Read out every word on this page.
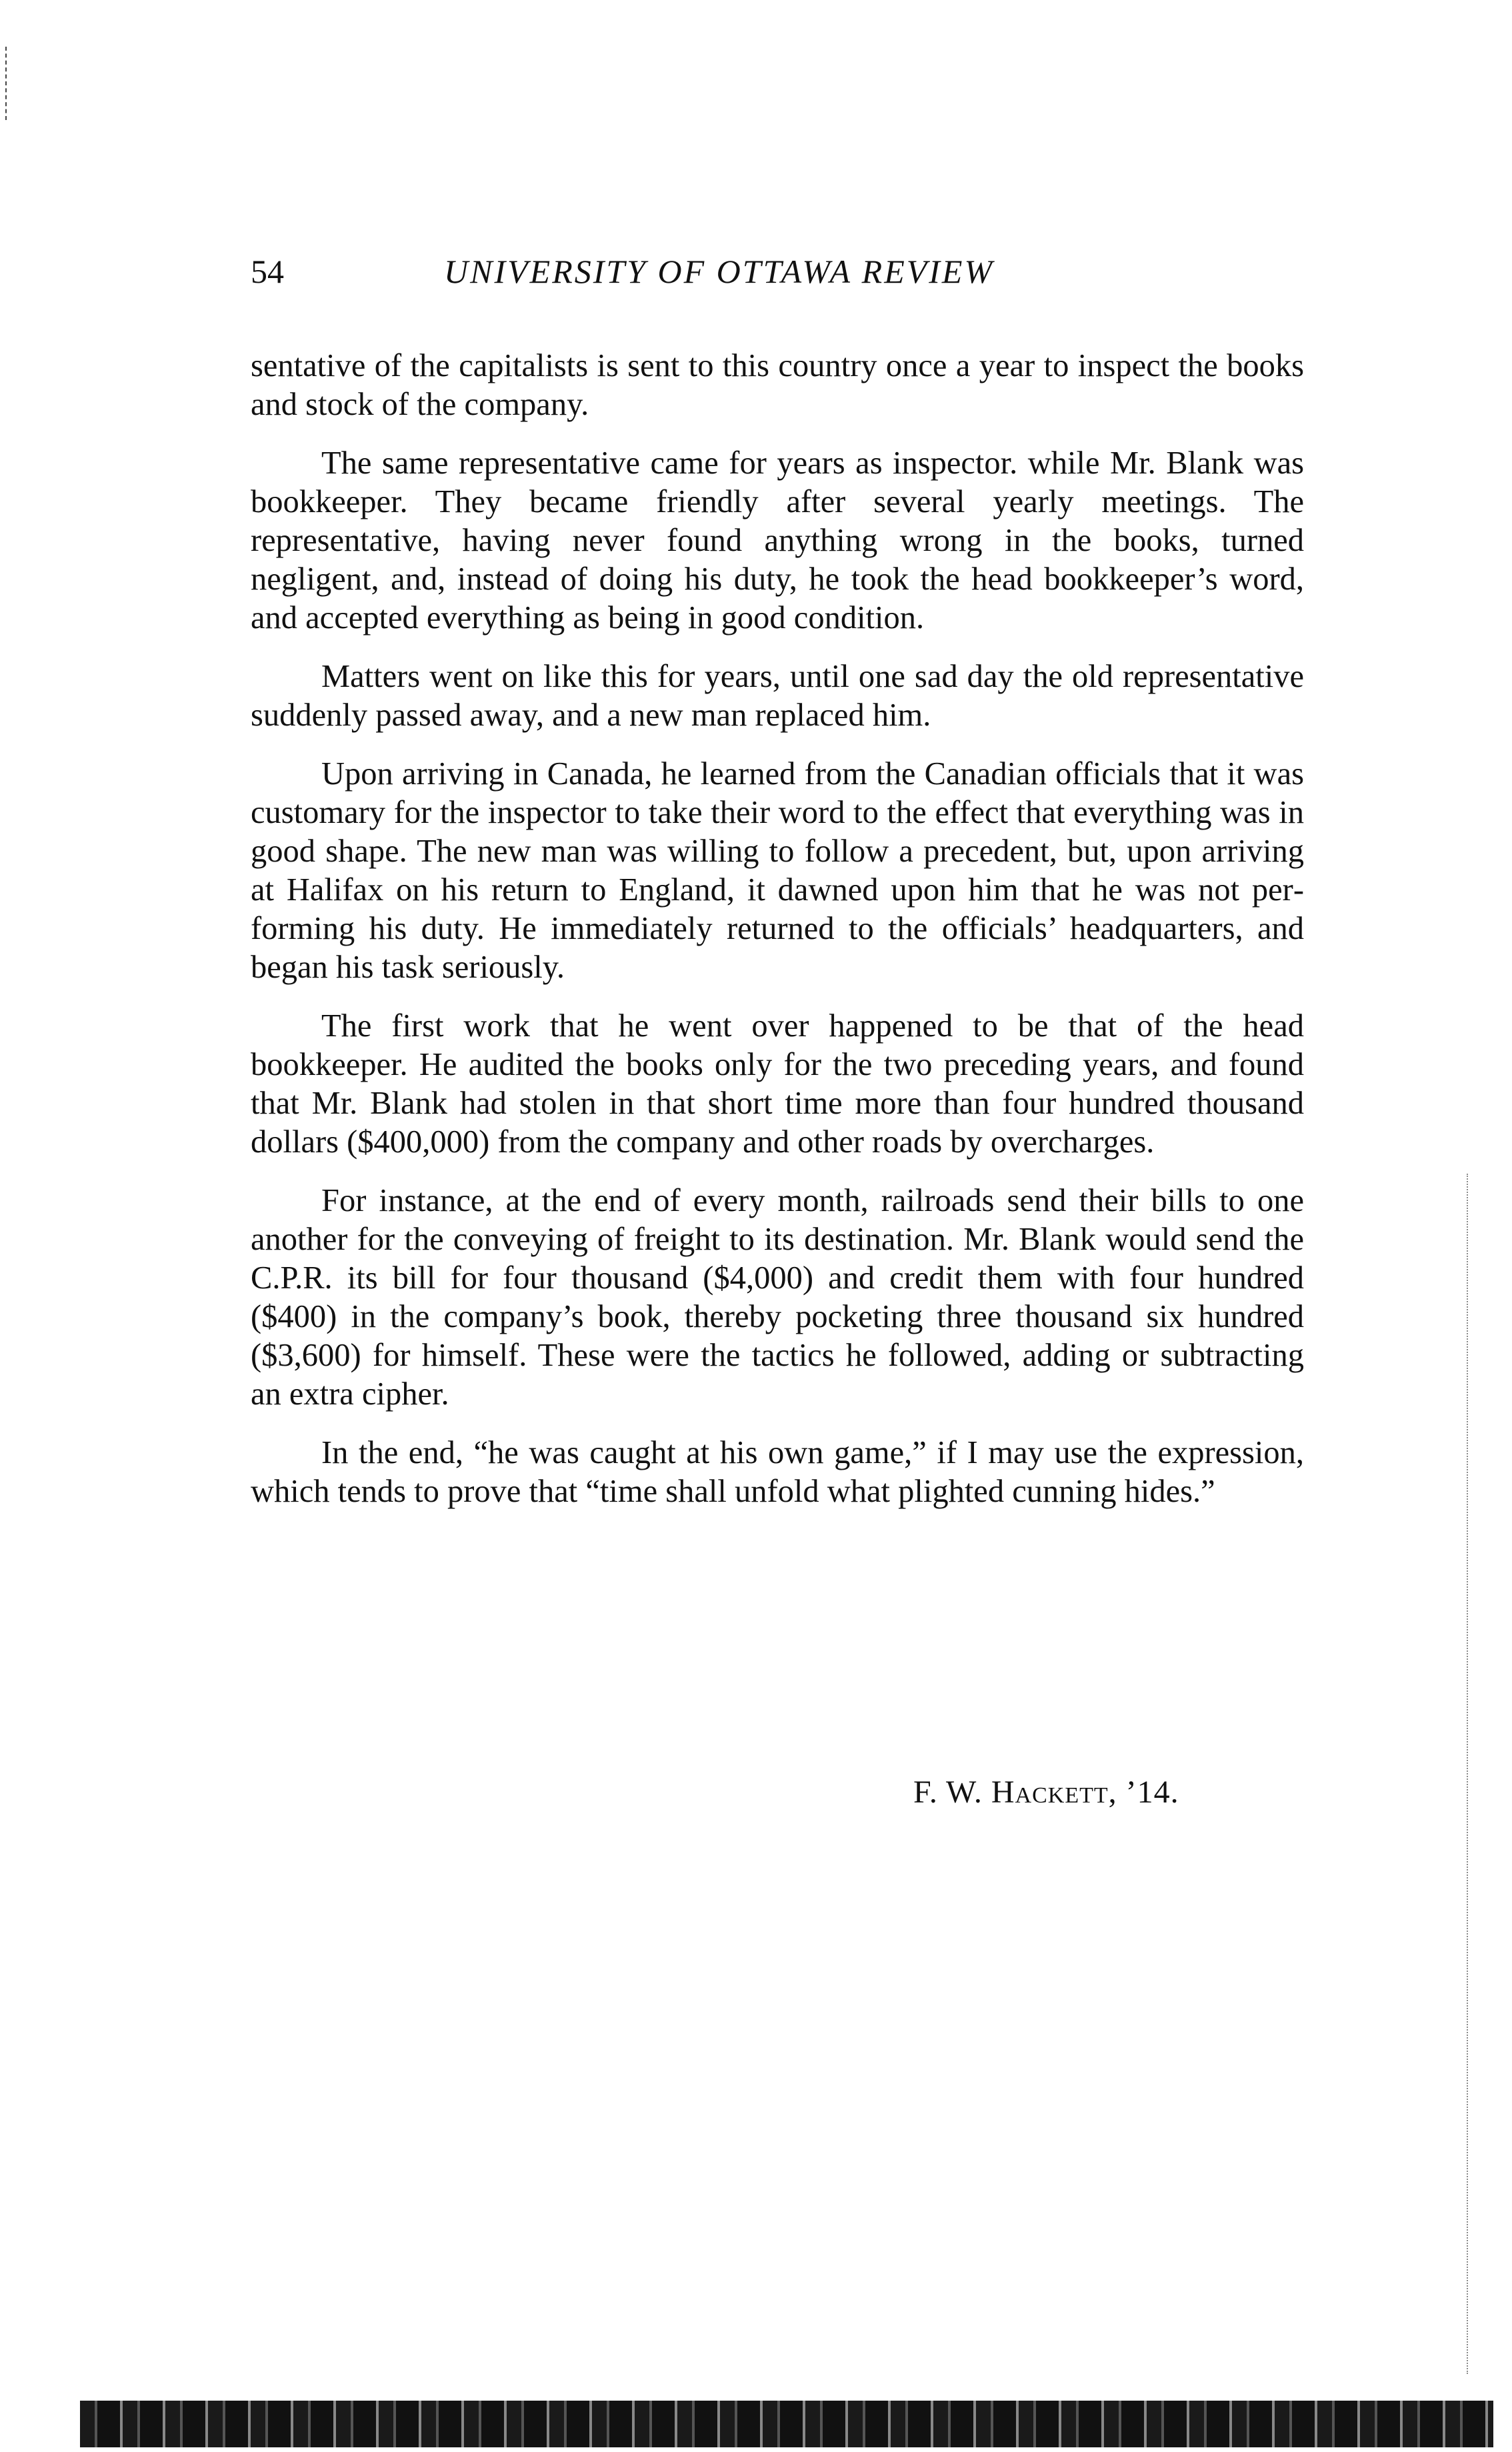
54	UNIVERSITY OF OTTAWA REVIEW

sentative of the capitalists is sent to this country once a year to inspect the books and stock of the company.

The same representative came for years as inspector. while Mr. Blank was bookkeeper. They became friendly after several yearly meetings. The representative, having never found anything wrong in the books, turned negligent, and, instead of doing his duty, he took the head bookkeeper’s word, and accepted everything as being in good condition.

Matters went on like this for years, until one sad day the old representative suddenly passed away, and a new man replaced him.

Upon arriving in Canada, he learned from the Canadian officials that it was customary for the inspector to take their word to the effect that everything was in good shape. The new man was willing to follow a precedent, but, upon arriving at Halifax on his return to England, it dawned upon him that he was not performing his duty. He immediately returned to the officials’ headquarters, and began his task seriously.

The first work that he went over happened to be that of the head bookkeeper. He audited the books only for the two preceding years, and found that Mr. Blank had stolen in that short time more than four hundred thousand dollars ($400,000) from the company and other roads by overcharges.

For instance, at the end of every month, railroads send their bills to one another for the conveying of freight to its destination. Mr. Blank would send the C.P.R. its bill for four thousand ($4,000) and credit them with four hundred ($400) in the company’s book, thereby pocketing three thousand six hundred ($3,600) for himself. These were the tactics he followed, adding or subtracting an extra cipher.

In the end, “he was caught at his own game,” if I may use the expression, which tends to prove that “time shall unfold what plighted cunning hides.”

F. W. Hackett, ’14.
